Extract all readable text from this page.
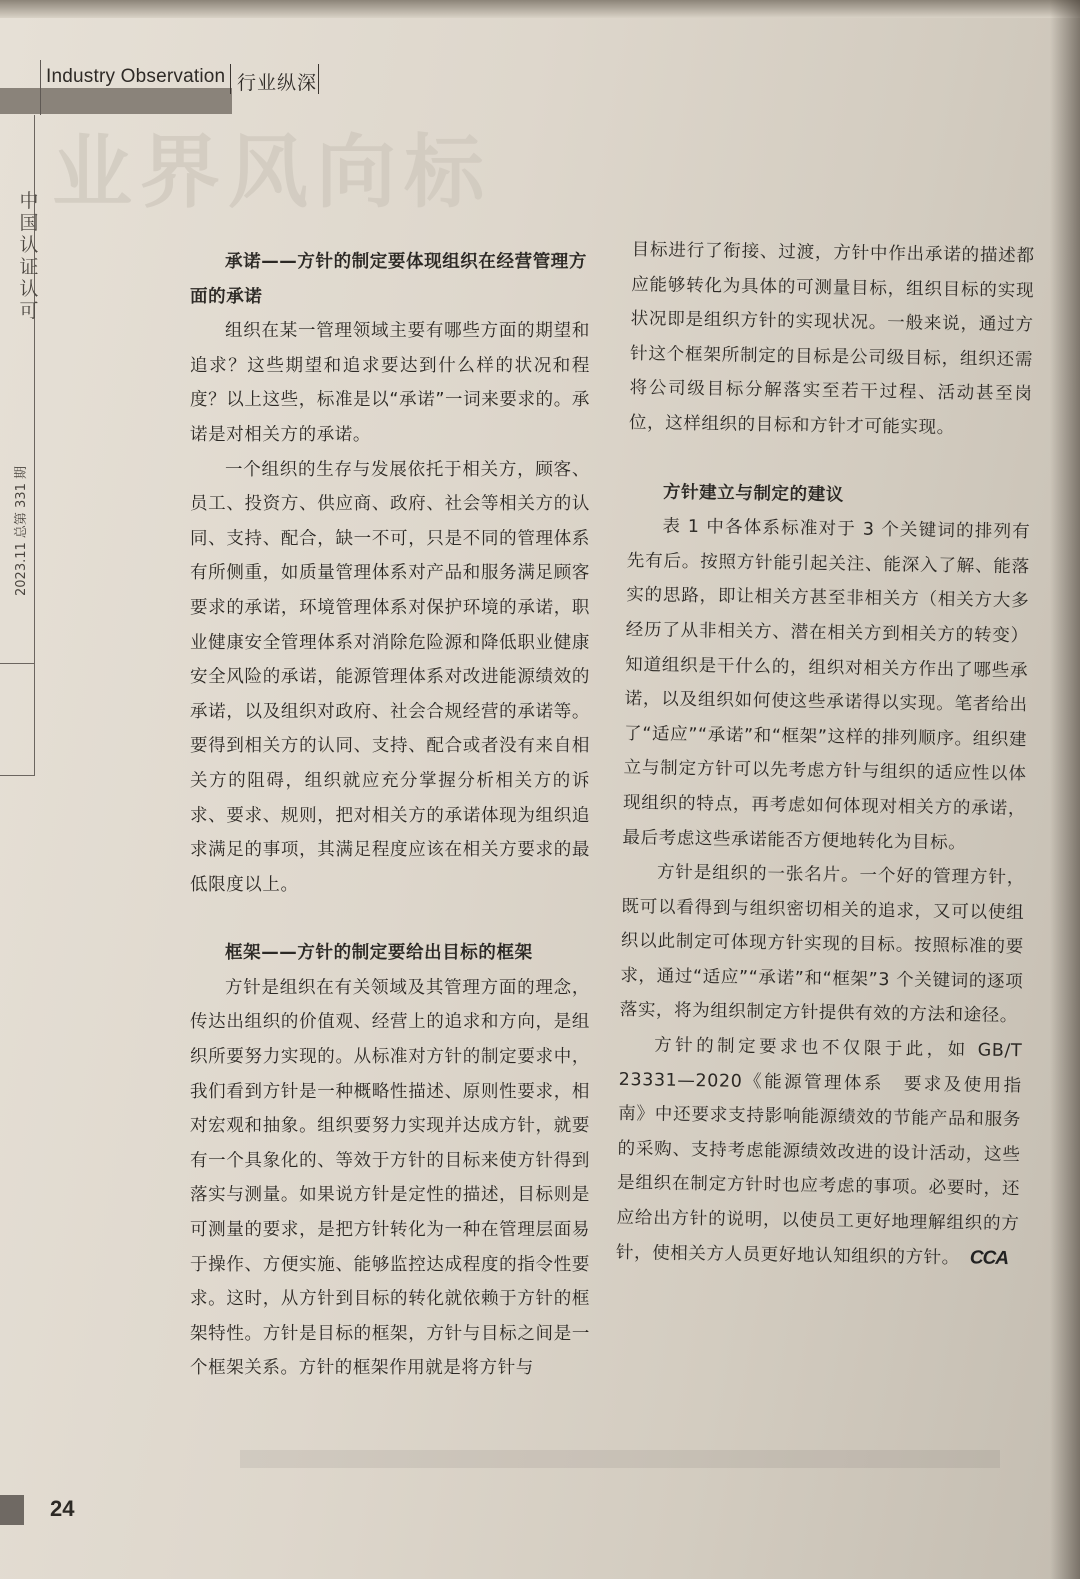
业界风向标
Industry Observation 行业纵深
中国认证认可
2023.11 总第 331 期
承诺——方针的制定要体现组织在经营管理方面的承诺

组织在某一管理领域主要有哪些方面的期望和追求？这些期望和追求要达到什么样的状况和程度？以上这些，标准是以“承诺”一词来要求的。承诺是对相关方的承诺。

一个组织的生存与发展依托于相关方，顾客、员工、投资方、供应商、政府、社会等相关方的认同、支持、配合，缺一不可，只是不同的管理体系有所侧重，如质量管理体系对产品和服务满足顾客要求的承诺，环境管理体系对保护环境的承诺，职业健康安全管理体系对消除危险源和降低职业健康安全风险的承诺，能源管理体系对改进能源绩效的承诺，以及组织对政府、社会合规经营的承诺等。要得到相关方的认同、支持、配合或者没有来自相关方的阻碍，组织就应充分掌握分析相关方的诉求、要求、规则，把对相关方的承诺体现为组织追求满足的事项，其满足程度应该在相关方要求的最低限度以上。

框架——方针的制定要给出目标的框架

方针是组织在有关领域及其管理方面的理念，传达出组织的价值观、经营上的追求和方向，是组织所要努力实现的。从标准对方针的制定要求中，我们看到方针是一种概略性描述、原则性要求，相对宏观和抽象。组织要努力实现并达成方针，就要有一个具象化的、等效于方针的目标来使方针得到落实与测量。如果说方针是定性的描述，目标则是可测量的要求，是把方针转化为一种在管理层面易于操作、方便实施、能够监控达成程度的指令性要求。这时，从方针到目标的转化就依赖于方针的框架特性。方针是目标的框架，方针与目标之间是一个框架关系。方针的框架作用就是将方针与

目标进行了衔接、过渡，方针中作出承诺的描述都应能够转化为具体的可测量目标，组织目标的实现状况即是组织方针的实现状况。一般来说，通过方针这个框架所制定的目标是公司级目标，组织还需将公司级目标分解落实至若干过程、活动甚至岗位，这样组织的目标和方针才可能实现。

方针建立与制定的建议

表 1 中各体系标准对于 3 个关键词的排列有先有后。按照方针能引起关注、能深入了解、能落实的思路，即让相关方甚至非相关方（相关方大多经历了从非相关方、潜在相关方到相关方的转变）知道组织是干什么的，组织对相关方作出了哪些承诺，以及组织如何使这些承诺得以实现。笔者给出了“适应”“承诺”和“框架”这样的排列顺序。组织建立与制定方针可以先考虑方针与组织的适应性以体现组织的特点，再考虑如何体现对相关方的承诺，最后考虑这些承诺能否方便地转化为目标。

方针是组织的一张名片。一个好的管理方针，既可以看得到与组织密切相关的追求，又可以使组织以此制定可体现方针实现的目标。按照标准的要求，通过“适应”“承诺”和“框架”3 个关键词的逐项落实，将为组织制定方针提供有效的方法和途径。

方针的制定要求也不仅限于此，如 GB/T 23331—2020《能源管理体系　要求及使用指南》中还要求支持影响能源绩效的节能产品和服务的采购、支持考虑能源绩效改进的设计活动，这些是组织在制定方针时也应考虑的事项。必要时，还应给出方针的说明，以使员工更好地理解组织的方针，使相关方人员更好地认知组织的方针。 CCA

24
